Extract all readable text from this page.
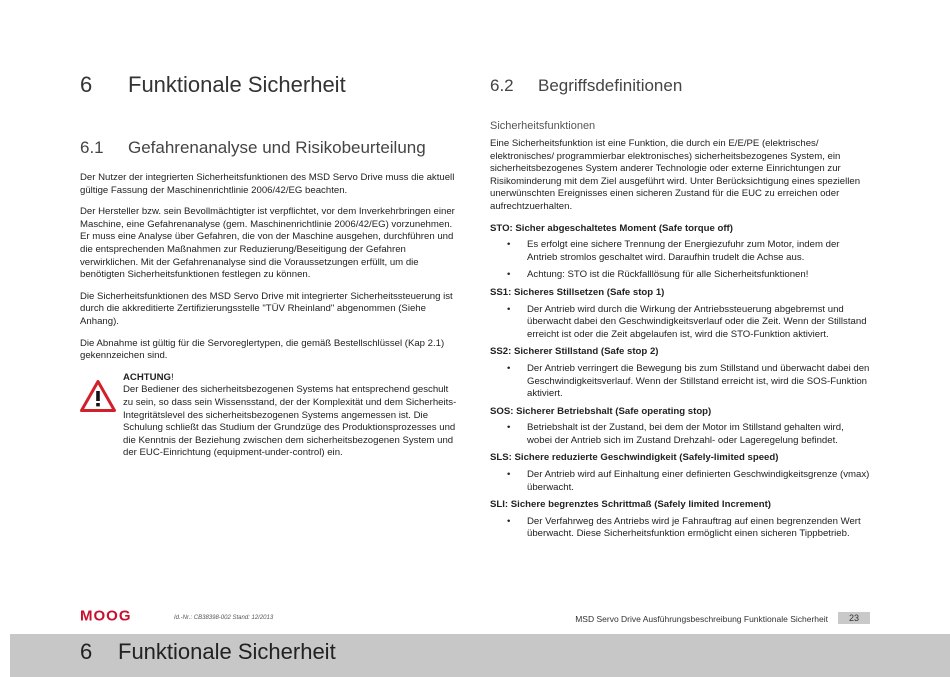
6	Funktionale Sicherheit
6.1	Gefahrenanalyse und Risikobeurteilung

Der Nutzer der integrierten Sicherheitsfunktionen des MSD Servo Drive muss die aktuell gültige Fassung der Maschinenrichtlinie 2006/42/EG beachten.

Der Hersteller bzw. sein Bevollmächtigter ist verpflichtet, vor dem Inverkehrbringen einer Maschine, eine Gefahrenanalyse (gem. Maschinenrichtlinie 2006/42/EG) vorzunehmen. Er muss eine Analyse über Gefahren, die von der Maschine ausgehen, durchführen und die entsprechenden Maßnahmen zur Reduzierung/Beseitigung der Gefahren verwirklichen. Mit der Gefahrenanalyse sind die Voraussetzungen erfüllt, um die benötigten Sicherheitsfunktionen festlegen zu können.

Die Sicherheitsfunktionen des MSD Servo Drive mit integrierter Sicherheitssteuerung ist durch die akkreditierte Zertifizierungsstelle "TÜV Rheinland" abgenommen (Siehe Anhang).

Die Abnahme ist gültig für die Servoreglertypen, die gemäß Bestellschlüssel (Kap 2.1) gekennzeichen sind.

ACHTUNG!

Der Bediener des sicherheitsbezogenen Systems hat entsprechend geschult zu sein, so dass sein Wissensstand, der der Komplexität und dem Sicherheits-Integritätslevel des sicherheitsbezogenen Systems angemessen ist. Die Schulung schließt das Studium der Grundzüge des Produktionsprozesses und die Kenntnis der Beziehung zwischen dem sicherheitsbezogenen System und der EUC-Einrichtung (equipment-under-control) ein.

6.2	Begriffsdefinitionen
Sicherheitsfunktionen

Eine Sicherheitsfunktion ist eine Funktion, die durch ein E/E/PE (elektrisches/ elektronisches/ programmierbar elektronisches) sicherheitsbezogenes System, ein sicherheitsbezogenes System anderer Technologie oder externe Einrichtungen zur Risikominderung mit dem Ziel ausgeführt wird. Unter Berücksichtigung eines speziellen unerwünschten Ereignisses einen sicheren Zustand für die EUC zu erreichen oder aufrechtzuerhalten.

STO: Sicher abgeschaltetes Moment (Safe torque off)
•	Es erfolgt eine sichere Trennung der Energiezufuhr zum Motor, indem der Antrieb stromlos geschaltet wird. Daraufhin trudelt die Achse aus.
•	Achtung: STO ist die Rückfalllösung für alle Sicherheitsfunktionen!
SS1: Sicheres Stillsetzen (Safe stop 1)
•	Der Antrieb wird durch die Wirkung der Antriebssteuerung abgebremst und überwacht dabei den Geschwindigkeitsverlauf oder die Zeit. Wenn der Stillstand erreicht ist oder die Zeit abgelaufen ist, wird die STO-Funktion aktiviert.
SS2: Sicherer Stillstand (Safe stop 2)
•	Der Antrieb verringert die Bewegung bis zum Stillstand und überwacht dabei den Geschwindigkeitsverlauf. Wenn der Stillstand erreicht ist, wird die SOS-Funktion aktiviert.
SOS: Sicherer Betriebshalt (Safe operating stop)
•	Betriebshalt ist der Zustand, bei dem der Motor im Stillstand gehalten wird, wobei der Antrieb sich im Zustand Drehzahl- oder Lageregelung befindet.
SLS: Sichere reduzierte Geschwindigkeit (Safely-limited speed)
•	Der Antrieb wird auf Einhaltung einer definierten Geschwindigkeitsgrenze (vmax) überwacht.
SLI: Sichere begrenztes Schrittmaß (Safely limited Increment)
•	Der Verfahrweg des Antriebs wird je Fahrauftrag auf einen begrenzenden Wert überwacht. Diese Sicherheitsfunktion ermöglicht einen sicheren Tippbetrieb.
MOOG	Id.-Nr.: CB38398-002 Stand: 12/2013	MSD Servo Drive Ausführungsbeschreibung Funktionale Sicherheit	23
6 Funktionale Sicherheit
